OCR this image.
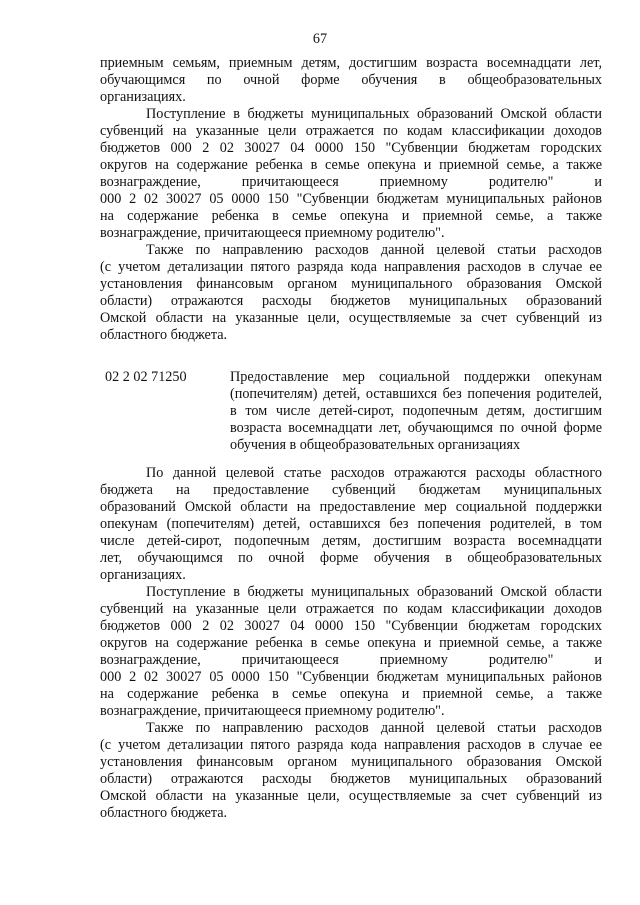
67
приемным семьям, приемным детям, достигшим возраста восемнадцати лет,
обучающимся по очной форме обучения в общеобразовательных
организациях.
Поступление в бюджеты муниципальных образований Омской области
субвенций на указанные цели отражается по кодам классификации доходов
бюджетов 000 2 02 30027 04 0000 150 "Субвенции бюджетам городских
округов на содержание ребенка в семье опекуна и приемной семье, а также
вознаграждение, причитающееся приемному родителю" и
000 2 02 30027 05 0000 150 "Субвенции бюджетам муниципальных районов
на содержание ребенка в семье опекуна и приемной семье, а также
вознаграждение, причитающееся приемному родителю".
Также по направлению расходов данной целевой статьи расходов
(с учетом детализации пятого разряда кода направления расходов в случае ее
установления финансовым органом муниципального образования Омской
области) отражаются расходы бюджетов муниципальных образований
Омской области на указанные цели, осуществляемые за счет субвенций из
областного бюджета.
02 2 02 71250	Предоставление мер социальной поддержки опекунам
(попечителям) детей, оставшихся без попечения родителей,
в том числе детей-сирот, подопечным детям, достигшим
возраста восемнадцати лет, обучающимся по очной форме
обучения в общеобразовательных организациях
По данной целевой статье расходов отражаются расходы областного
бюджета на предоставление субвенций бюджетам муниципальных
образований Омской области на предоставление мер социальной поддержки
опекунам (попечителям) детей, оставшихся без попечения родителей, в том
числе детей-сирот, подопечным детям, достигшим возраста восемнадцати
лет, обучающимся по очной форме обучения в общеобразовательных
организациях.
Поступление в бюджеты муниципальных образований Омской области
субвенций на указанные цели отражается по кодам классификации доходов
бюджетов 000 2 02 30027 04 0000 150 "Субвенции бюджетам городских
округов на содержание ребенка в семье опекуна и приемной семье, а также
вознаграждение, причитающееся приемному родителю" и
000 2 02 30027 05 0000 150 "Субвенции бюджетам муниципальных районов
на содержание ребенка в семье опекуна и приемной семье, а также
вознаграждение, причитающееся приемному родителю".
Также по направлению расходов данной целевой статьи расходов
(с учетом детализации пятого разряда кода направления расходов в случае ее
установления финансовым органом муниципального образования Омской
области) отражаются расходы бюджетов муниципальных образований
Омской области на указанные цели, осуществляемые за счет субвенций из
областного бюджета.
